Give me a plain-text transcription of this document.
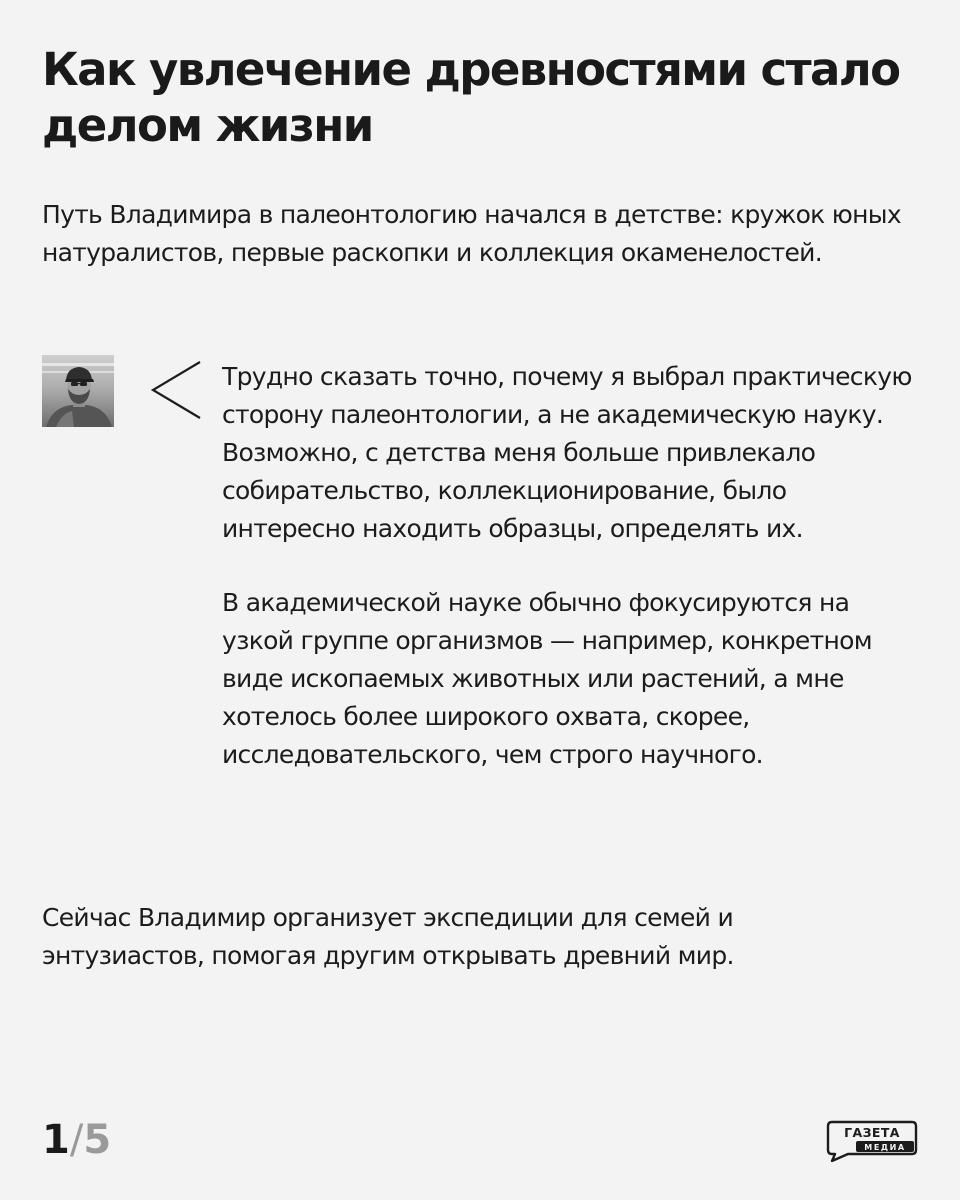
Как увлечение древностями стало делом жизни

Путь Владимира в палеонтологию начался в детстве: кружок юных натуралистов, первые раскопки и коллекция окаменелостей.

Трудно сказать точно, почему я выбрал практическую сторону палеонтологии, а не академическую науку. Возможно, с детства меня больше привлекало собирательство, коллекционирование, было интересно находить образцы, определять их.

В академической науке обычно фокусируются на узкой группе организмов — например, конкретном виде ископаемых животных или растений, а мне хотелось более широкого охвата, скорее, исследовательского, чем строго научного.

Сейчас Владимир организует экспедиции для семей и энтузиастов, помогая другим открывать древний мир.

1/5	ГАЗЕТА
МЕДИА
